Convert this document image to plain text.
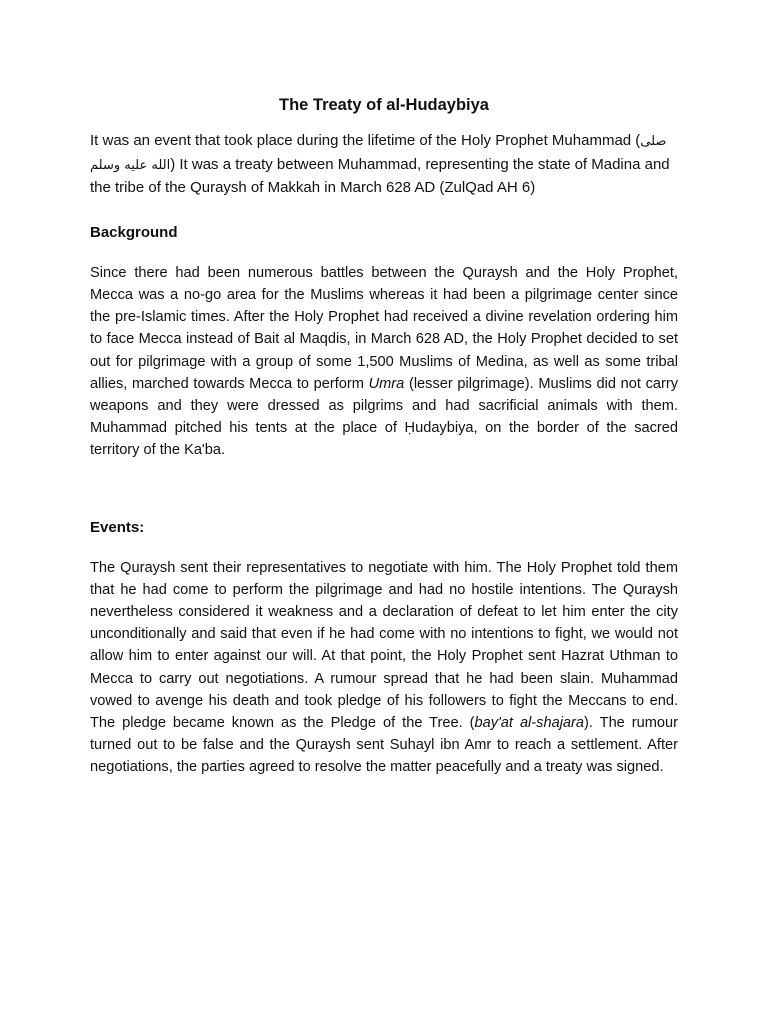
The Treaty of al-Hudaybiya

It was an event that took place during the lifetime of the Holy Prophet Muhammad (صلى الله عليه وسلم) It was a treaty between Muhammad, representing the state of Madina and the tribe of the Quraysh of Makkah in March 628 AD (ZulQad AH 6)

Background

Since there had been numerous battles between the Quraysh and the Holy Prophet, Mecca was a no-go area for the Muslims whereas it had been a pilgrimage center since the pre-Islamic times. After the Holy Prophet had received a divine revelation ordering him to face Mecca instead of Bait al Maqdis, in March 628 AD, the Holy Prophet decided to set out for pilgrimage with a group of some 1,500 Muslims of Medina, as well as some tribal allies, marched towards Mecca to perform Umra (lesser pilgrimage). Muslims did not carry weapons and they were dressed as pilgrims and had sacrificial animals with them. Muhammad pitched his tents at the place of Ḥudaybiya, on the border of the sacred territory of the Ka'ba.

Events:

The Quraysh sent their representatives to negotiate with him. The Holy Prophet told them that he had come to perform the pilgrimage and had no hostile intentions. The Quraysh nevertheless considered it weakness and a declaration of defeat to let him enter the city unconditionally and said that even if he had come with no intentions to fight, we would not allow him to enter against our will. At that point, the Holy Prophet sent Hazrat Uthman to Mecca to carry out negotiations. A rumour spread that he had been slain. Muhammad vowed to avenge his death and took pledge of his followers to fight the Meccans to end. The pledge became known as the Pledge of the Tree. (bay'at al-shajara). The rumour turned out to be false and the Quraysh sent Suhayl ibn Amr to reach a settlement. After negotiations, the parties agreed to resolve the matter peacefully and a treaty was signed.
